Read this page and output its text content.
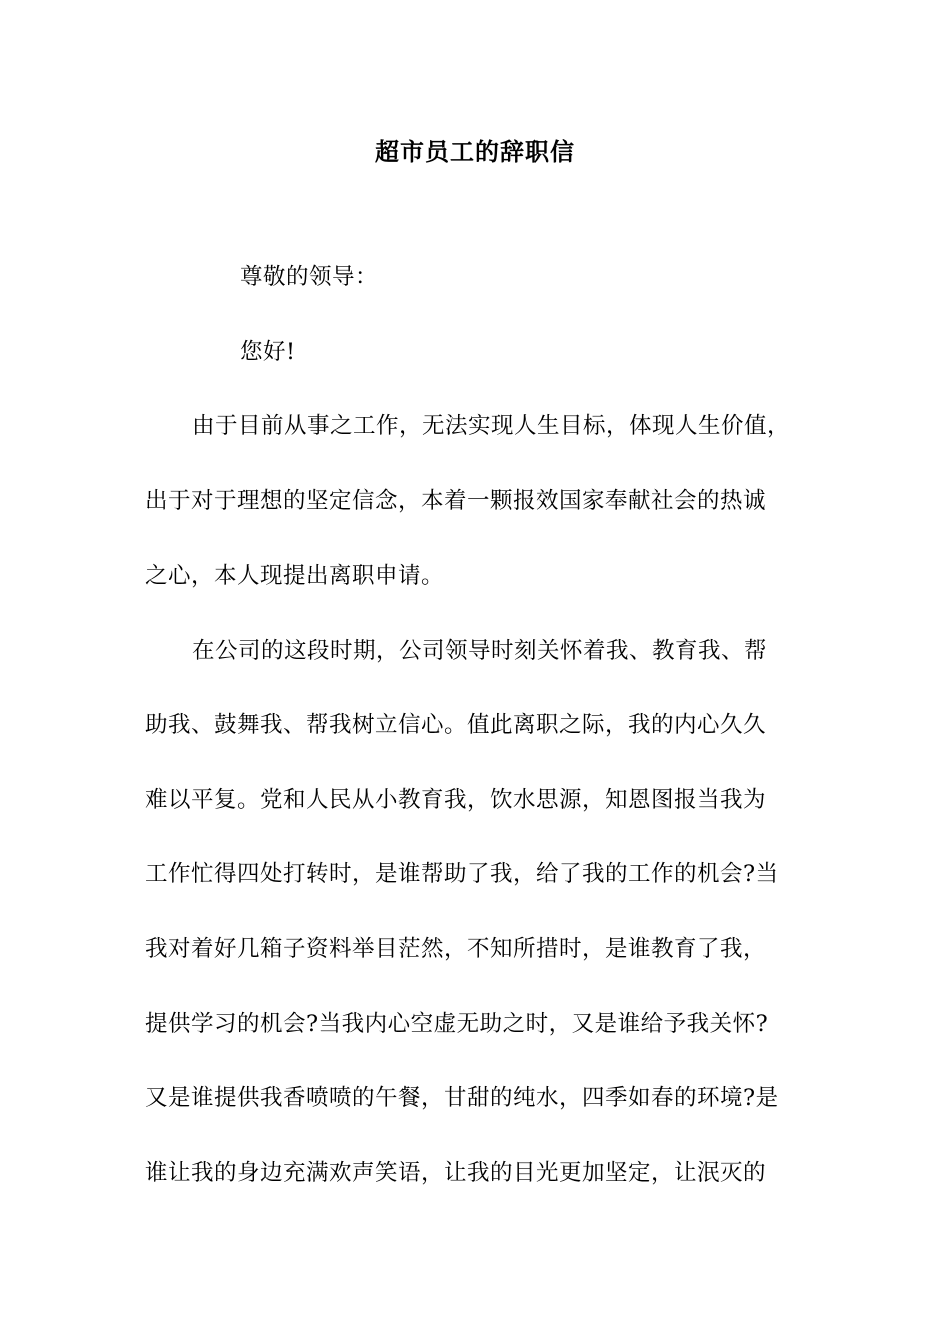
超市员工的辞职信
尊敬的领导：
您好!
由于目前从事之工作，无法实现人生目标，体现人生价值，
出于对于理想的坚定信念，本着一颗报效国家奉献社会的热诚
之心，本人现提出离职申请。
在公司的这段时期，公司领导时刻关怀着我、教育我、帮
助我、鼓舞我、帮我树立信心。值此离职之际，我的内心久久
难以平复。党和人民从小教育我，饮水思源，知恩图报当我为
工作忙得四处打转时，是谁帮助了我，给了我的工作的机会?当
我对着好几箱子资料举目茫然，不知所措时，是谁教育了我，
提供学习的机会?当我内心空虚无助之时，又是谁给予我关怀?
又是谁提供我香喷喷的午餐，甘甜的纯水，四季如春的环境?是
谁让我的身边充满欢声笑语，让我的目光更加坚定，让泯灭的
